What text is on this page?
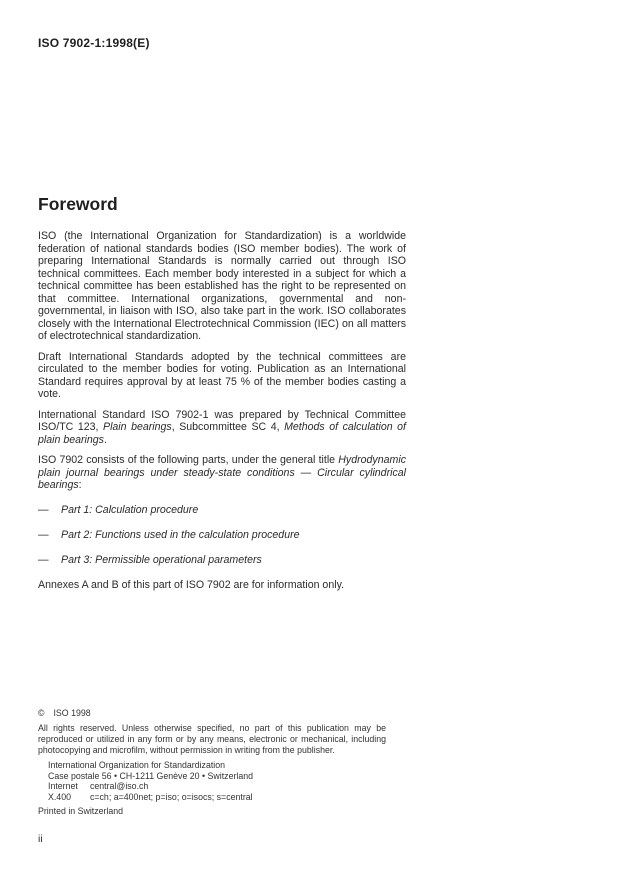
ISO 7902-1:1998(E)
Foreword

ISO (the International Organization for Standardization) is a worldwide federation of national standards bodies (ISO member bodies). The work of preparing International Standards is normally carried out through ISO technical committees. Each member body interested in a subject for which a technical committee has been established has the right to be represented on that committee. International organizations, governmental and non-governmental, in liaison with ISO, also take part in the work. ISO collaborates closely with the International Electrotechnical Commission (IEC) on all matters of electrotechnical standardization.

Draft International Standards adopted by the technical committees are circulated to the member bodies for voting. Publication as an International Standard requires approval by at least 75 % of the member bodies casting a vote.

International Standard ISO 7902-1 was prepared by Technical Committee ISO/TC 123, Plain bearings, Subcommittee SC 4, Methods of calculation of plain bearings.

ISO 7902 consists of the following parts, under the general title Hydrodynamic plain journal bearings under steady-state conditions — Circular cylindrical bearings:

—	Part 1: Calculation procedure
—	Part 2: Functions used in the calculation procedure
—	Part 3: Permissible operational parameters

Annexes A and B of this part of ISO 7902 are for information only.

© ISO 1998

All rights reserved. Unless otherwise specified, no part of this publication may be reproduced or utilized in any form or by any means, electronic or mechanical, including photocopying and microfilm, without permission in writing from the publisher.

International Organization for Standardization
Case postale 56 • CH-1211 Genève 20 • Switzerland
Internet	central@iso.ch
X.400	c=ch; a=400net; p=iso; o=isocs; s=central
Printed in Switzerland
ii
